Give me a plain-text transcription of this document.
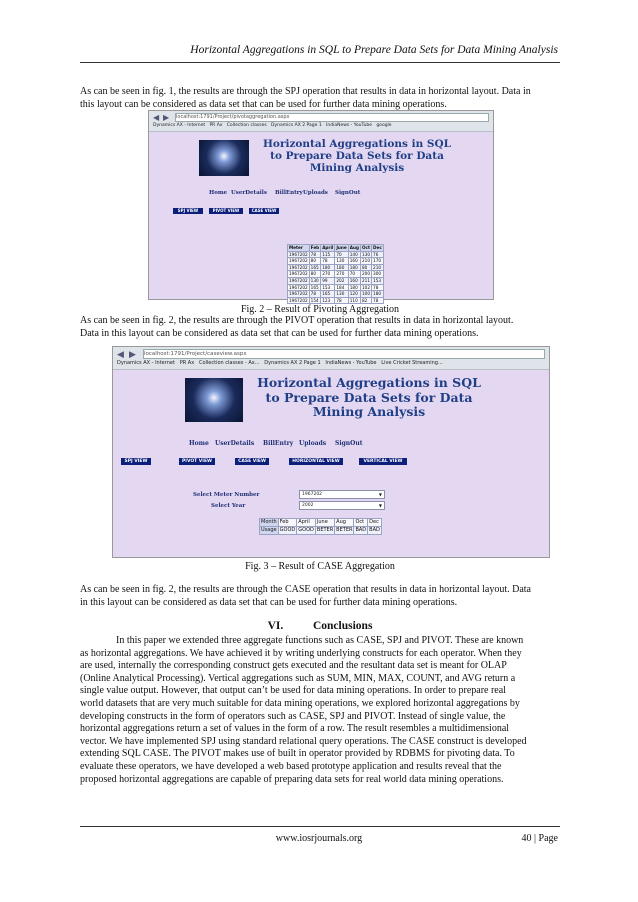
Horizontal Aggregations in SQL to Prepare Data Sets for Data Mining Analysis
As can be seen in fig. 1, the results are through the SPJ operation that results in data in horizontal layout. Data in
this layout can be considered as data set that can be used for further data mining operations.
◀ ▶ localhost:1791/Project/pivotaggregation.aspx
Dynamics AX - Internet PR Ax Collection classes Dynamics AX 2 Page 1 IndiaNews - YouTube google
Horizontal Aggregations in SQL to Prepare Data Sets for Data Mining Analysis
Home UserDetails BillEntry Uploads SignOut
SPJ VIEW	PIVOT VIEW	CASE VIEW
Meter	Feb	April	June	Aug	Oct	Dec
1967202	78	115	70	140	130	76
1967202	80	78	130	160	210	170
1967202	165	180	180	180	80	210
1967202	80	270	270	70	200	300
1967202	130	99	202	160	211	153
1967202	165	153	184	180	102	78
1967202	78	165	130	120	100	180
1967202	154	123	78	110	82	78
Fig. 2 – Result of Pivoting Aggregation
As can be seen in fig. 2, the results are through the PIVOT operation that results in data in horizontal layout.
Data in this layout can be considered as data set that can be used for further data mining operations.
◀ ▶ localhost:1791/Project/caseview.aspx
Dynamics AX - Internet PR Ax Collection classes - Ax... Dynamics AX 2 Page 1 IndiaNews - YouTube Live Cricket Streaming...
Horizontal Aggregations in SQL to Prepare Data Sets for Data Mining Analysis
Home UserDetails BillEntry Uploads SignOut
SPJ VIEW	PIVOT VIEW	CASE VIEW	HORIZONTAL VIEW	VERTICAL VIEW
Select Meter Number	1967202	▼
Select Year	2002	▼
Month	Feb	April	June	Aug	Oct	Dec
Usage	GOOD	GOOD	BETER	BETER	BAD	BAD
Fig. 3 – Result of CASE Aggregation
As can be seen in fig. 2, the results are through the CASE operation that results in data in horizontal layout. Data
in this layout can be considered as data set that can be used for further data mining operations.
VI.	Conclusions
In this paper we extended three aggregate functions such as CASE, SPJ and PIVOT. These are known
as horizontal aggregations. We have achieved it by writing underlying constructs for each operator. When they
are used, internally the corresponding construct gets executed and the resultant data set is meant for OLAP
(Online Analytical Processing). Vertical aggregations such as SUM, MIN, MAX, COUNT, and AVG return a
single value output. However, that output can’t be used for data mining operations. In order to prepare real
world datasets that are very much suitable for data mining operations, we explored horizontal aggregations by
developing constructs in the form of operators such as CASE, SPJ and PIVOT. Instead of single value, the
horizontal aggregations return a set of values in the form of a row. The result resembles a multidimensional
vector. We have implemented SPJ using standard relational query operations. The CASE construct is developed
extending SQL CASE. The PIVOT makes use of built in operator provided by RDBMS for pivoting data. To
evaluate these operators, we have developed a web based prototype application and results reveal that the
proposed horizontal aggregations are capable of preparing data sets for real world data mining operations.
www.iosrjournals.org	40 | Page
